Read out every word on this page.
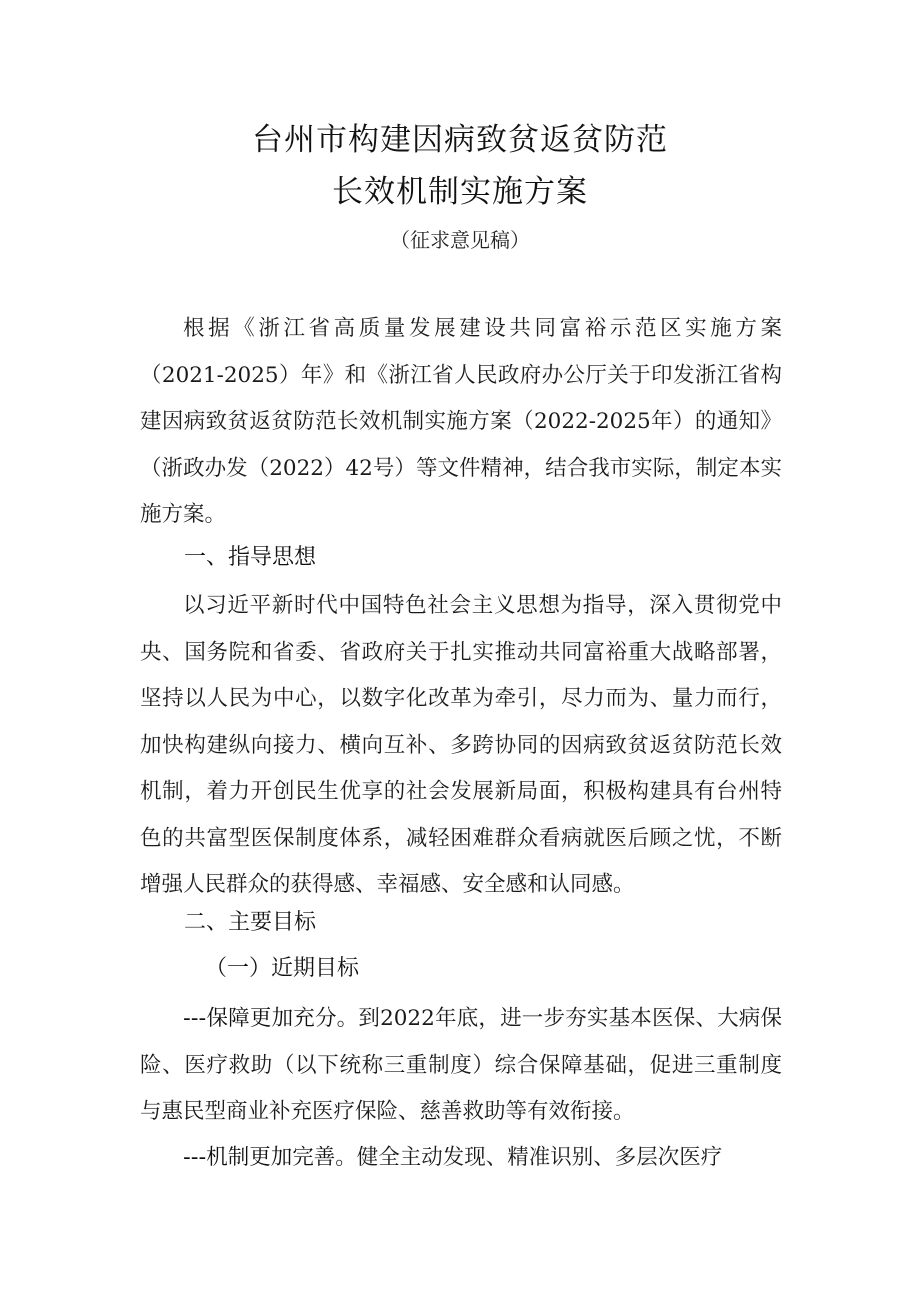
台州市构建因病致贫返贫防范
长效机制实施方案
（征求意见稿）

根据《浙江省高质量发展建设共同富裕示范区实施方案（2021-2025）年》和《浙江省人民政府办公厅关于印发浙江省构建因病致贫返贫防范长效机制实施方案（2022-2025年）的通知》（浙政办发（2022）42号）等文件精神，结合我市实际，制定本实施方案。

一、指导思想

以习近平新时代中国特色社会主义思想为指导，深入贯彻党中央、国务院和省委、省政府关于扎实推动共同富裕重大战略部署，坚持以人民为中心，以数字化改革为牵引，尽力而为、量力而行，加快构建纵向接力、横向互补、多跨协同的因病致贫返贫防范长效机制，着力开创民生优享的社会发展新局面，积极构建具有台州特色的共富型医保制度体系，减轻困难群众看病就医后顾之忧，不断增强人民群众的获得感、幸福感、安全感和认同感。

二、主要目标
（一）近期目标

---保障更加充分。到2022年底，进一步夯实基本医保、大病保险、医疗救助（以下统称三重制度）综合保障基础，促进三重制度与惠民型商业补充医疗保险、慈善救助等有效衔接。

---机制更加完善。健全主动发现、精准识别、多层次医疗
